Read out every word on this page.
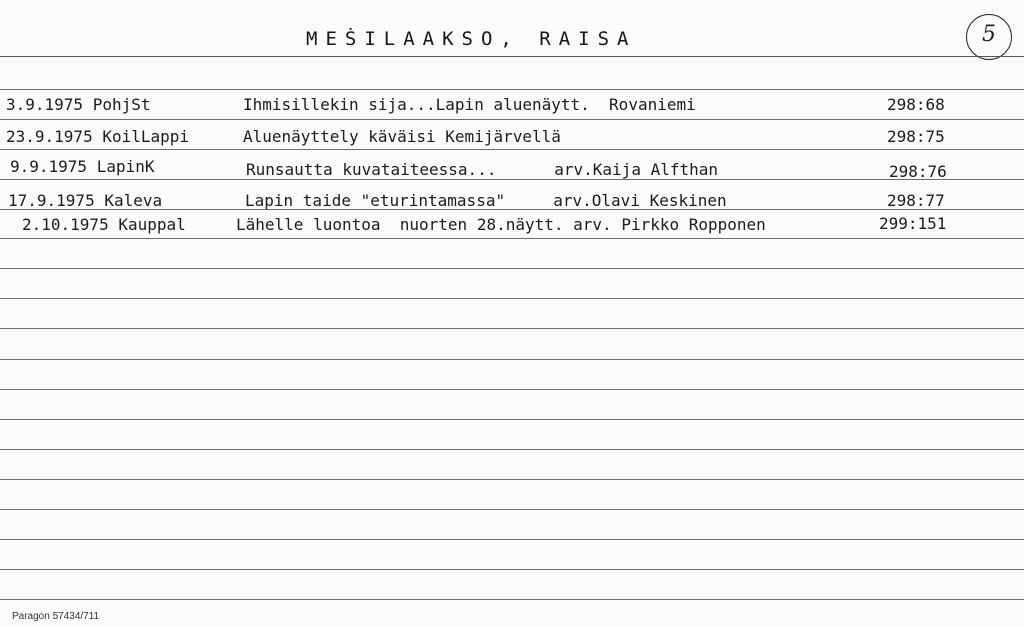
MEṠILAAKSO, RAISA	5
3.9.1975 PohjSt	Ihmisillekin sija...Lapin aluenäytt.  Rovaniemi	298:68
23.9.1975 KoilLappi	Aluenäyttely käväisi Kemijärvellä	298:75
9.9.1975 LapinK	Runsautta kuvataiteessa...      arv.Kaija Alfthan	298:76
17.9.1975 Kaleva	Lapin taide "eturintamassa"     arv.Olavi Keskinen	298:77
2.10.1975 Kauppal	Lähelle luontoa  nuorten 28.näytt. arv. Pirkko Ropponen	299:151
Paragon 57434/711
